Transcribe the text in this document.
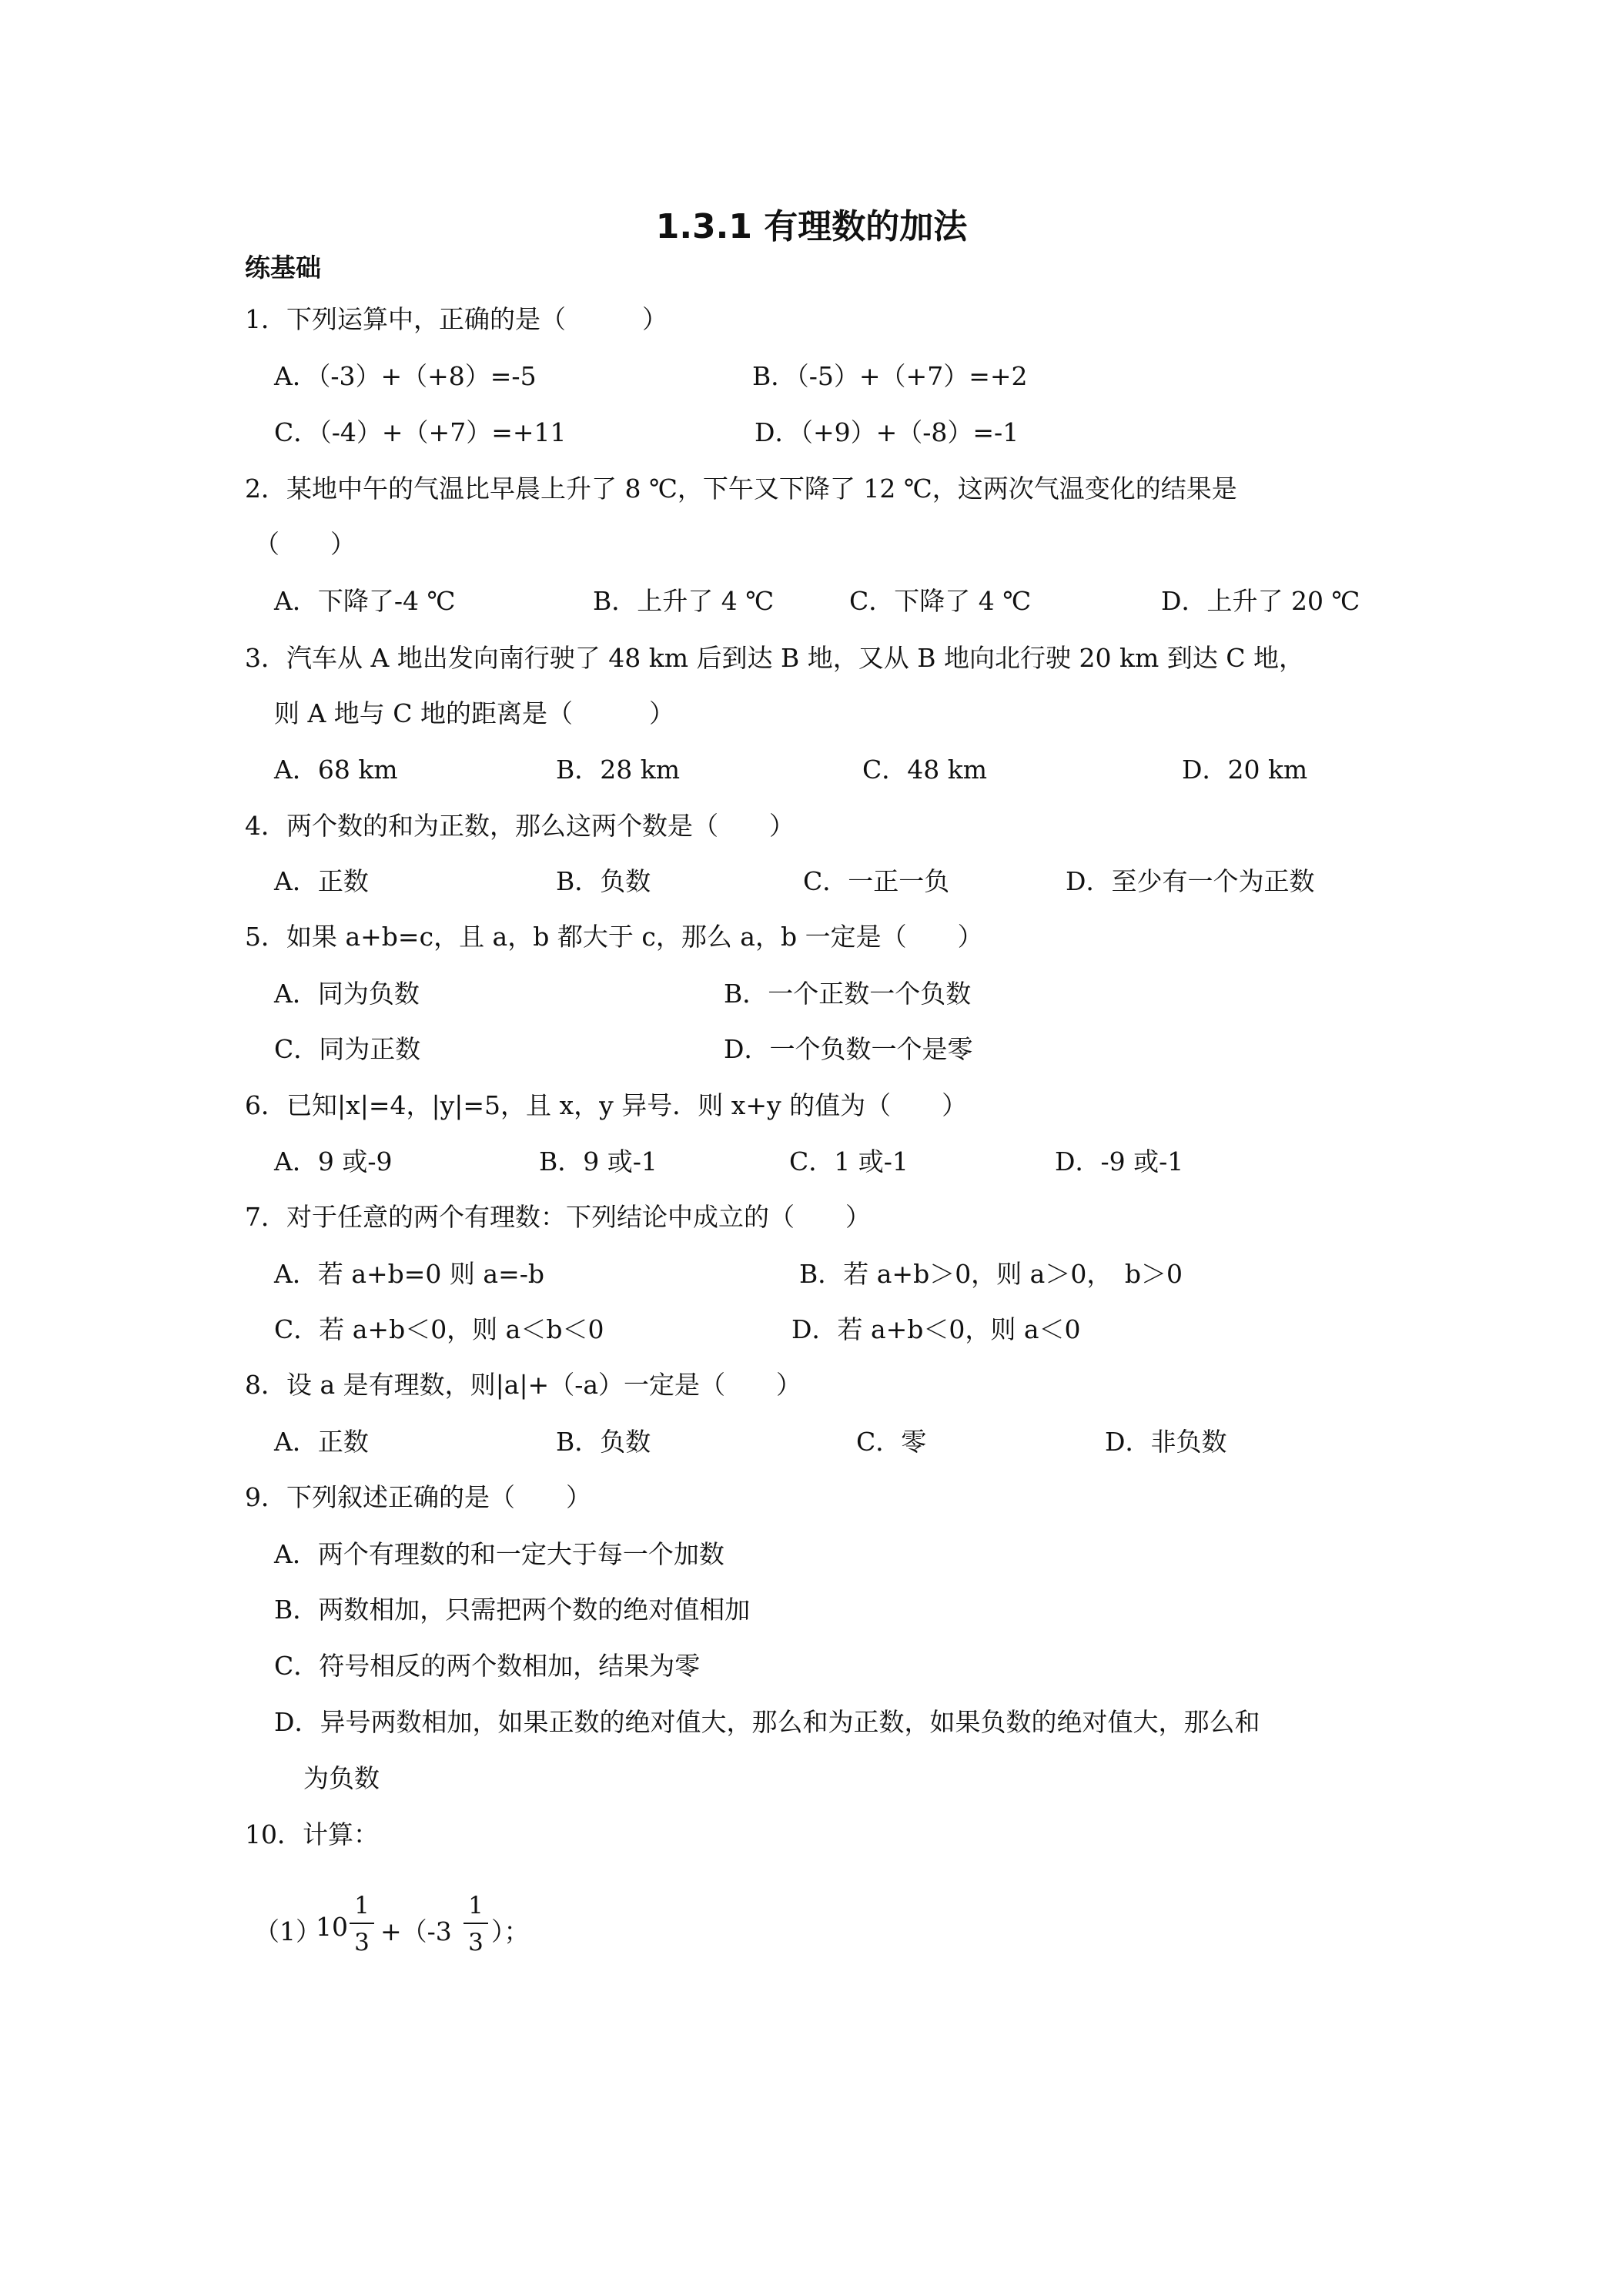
1.3.1 有理数的加法
练基础
1．下列运算中，正确的是（　　　）
A．（-3）+（+8）=-5	B．（-5）+（+7）=+2
C．（-4）+（+7）=+11	D．（+9）+（-8）=-1
2．某地中午的气温比早晨上升了 8 ℃，下午又下降了 12 ℃，这两次气温变化的结果是
（　　）
A．下降了-4 ℃	B．上升了 4 ℃	C．下降了 4 ℃	D．上升了 20 ℃
3．汽车从 A 地出发向南行驶了 48 km 后到达 B 地，又从 B 地向北行驶 20 km 到达 C 地，
则 A 地与 C 地的距离是（　　　）
A．68 km	B．28 km	C．48 km	D．20 km
4．两个数的和为正数，那么这两个数是（　　）
A．正数	B．负数	C．一正一负	D．至少有一个为正数
5．如果 a+b=c，且 a，b 都大于 c，那么 a，b 一定是（　　）
A．同为负数	B．一个正数一个负数
C．同为正数	D．一个负数一个是零
6．已知|x|=4，|y|=5，且 x，y 异号．则 x+y 的值为（　　）
A．9 或-9	B．9 或-1	C．1 或-1	D．-9 或-1
7．对于任意的两个有理数：下列结论中成立的（　　）
A．若 a+b=0 则 a=-b	B．若 a+b＞0，则 a＞0，　b＞0
C．若 a+b＜0，则 a＜b＜0	D．若 a+b＜0，则 a＜0
8．设 a 是有理数，则|a|+（-a）一定是（　　）
A．正数	B．负数	C．零	D．非负数
9．下列叙述正确的是（　　）
A．两个有理数的和一定大于每一个加数
B．两数相加，只需把两个数的绝对值相加
C．符号相反的两个数相加，结果为零
D．异号两数相加，如果正数的绝对值大，那么和为正数，如果负数的绝对值大，那么和
为负数
10．计算：
（1）
10
1
3 +（-3
1
3 ）；
